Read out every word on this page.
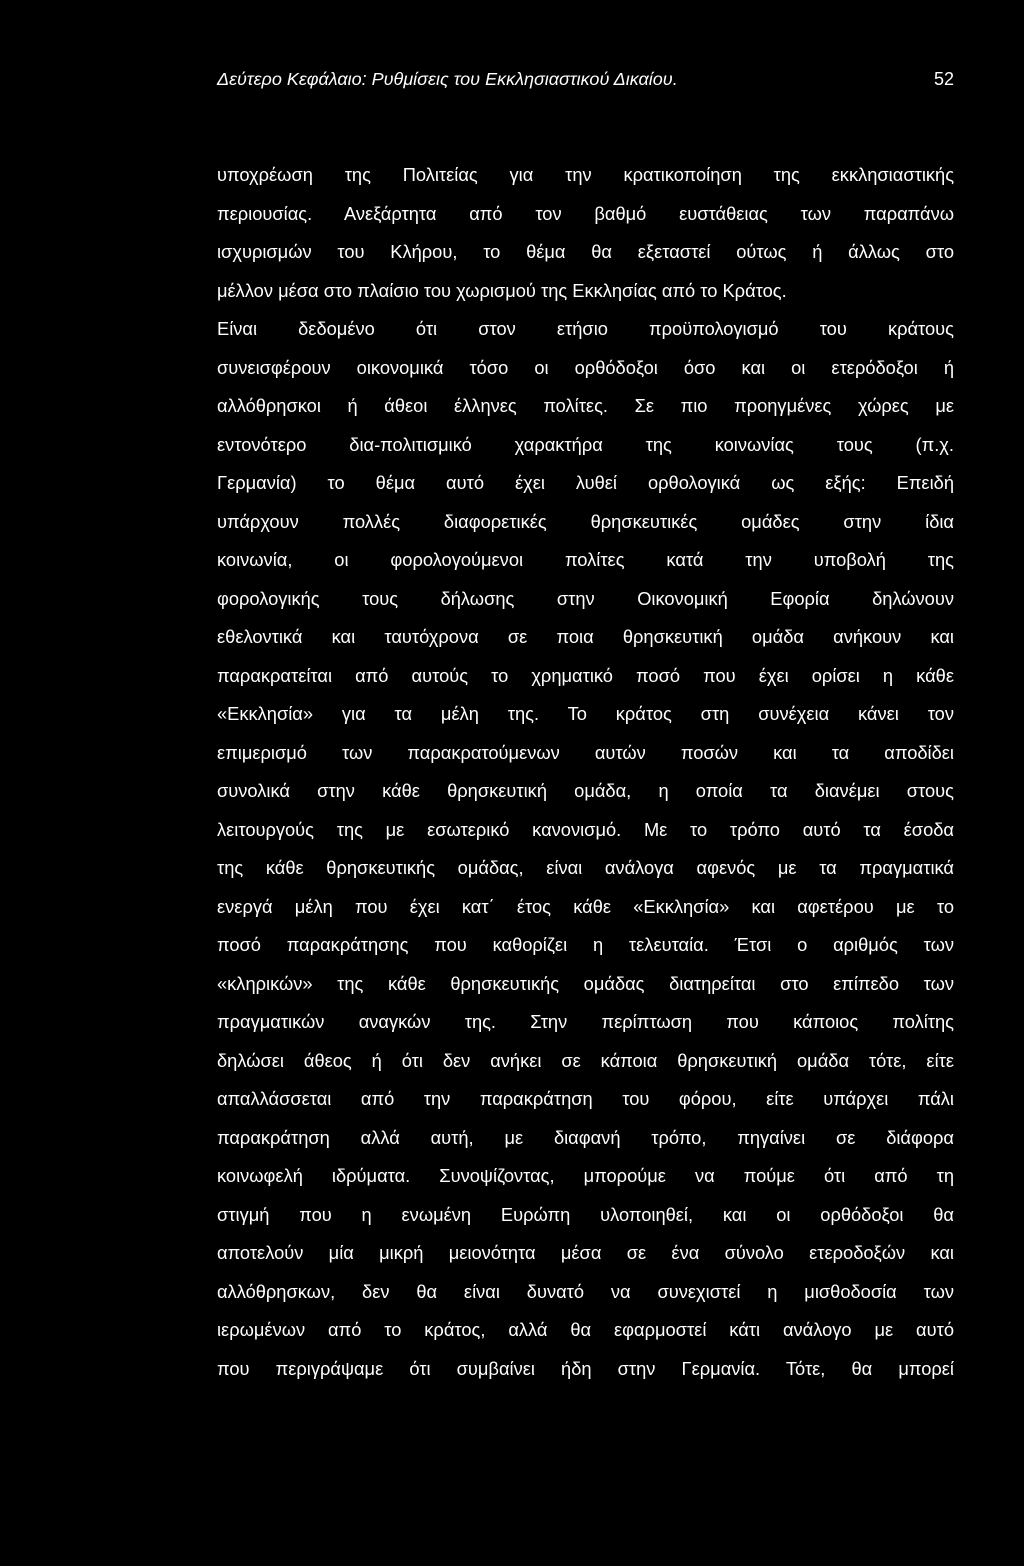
Δεύτερο Κεφάλαιο: Ρυθμίσεις του Εκκλησιαστικού Δικαίου.	52
υποχρέωση της Πολιτείας για την κρατικοποίηση της εκκλησιαστικής
περιουσίας. Ανεξάρτητα από τον βαθμό ευστάθειας των παραπάνω
ισχυρισμών του Κλήρου, το θέμα θα εξεταστεί ούτως ή άλλως στο
μέλλον μέσα στο πλαίσιο του χωρισμού της Εκκλησίας από το Κράτος.
Είναι δεδομένο ότι στον ετήσιο προϋπολογισμό του κράτους
συνεισφέρουν οικονομικά τόσο οι ορθόδοξοι όσο και οι ετερόδοξοι ή
αλλόθρησκοι ή άθεοι έλληνες πολίτες. Σε πιο προηγμένες χώρες με
εντονότερο δια-πολιτισμικό χαρακτήρα της κοινωνίας τους (π.χ.
Γερμανία) το θέμα αυτό έχει λυθεί ορθολογικά ως εξής: Επειδή
υπάρχουν πολλές διαφορετικές θρησκευτικές ομάδες στην ίδια
κοινωνία, οι φορολογούμενοι πολίτες κατά την υποβολή της
φορολογικής τους δήλωσης στην Οικονομική Εφορία δηλώνουν
εθελοντικά και ταυτόχρονα σε ποια θρησκευτική ομάδα ανήκουν και
παρακρατείται από αυτούς το χρηματικό ποσό που έχει ορίσει η κάθε
«Εκκλησία» για τα μέλη της. Το κράτος στη συνέχεια κάνει τον
επιμερισμό των παρακρατούμενων αυτών ποσών και τα αποδίδει
συνολικά στην κάθε θρησκευτική ομάδα, η οποία τα διανέμει στους
λειτουργούς της με εσωτερικό κανονισμό. Με το τρόπο αυτό τα έσοδα
της κάθε θρησκευτικής ομάδας, είναι ανάλογα αφενός με τα πραγματικά
ενεργά μέλη που έχει κατ΄ έτος κάθε «Εκκλησία» και αφετέρου με το
ποσό παρακράτησης που καθορίζει η τελευταία. Έτσι ο αριθμός των
«κληρικών» της κάθε θρησκευτικής ομάδας διατηρείται στο επίπεδο των
πραγματικών αναγκών της. Στην περίπτωση που κάποιος πολίτης
δηλώσει άθεος ή ότι δεν ανήκει σε κάποια θρησκευτική ομάδα τότε, είτε
απαλλάσσεται από την παρακράτηση του φόρου, είτε υπάρχει πάλι
παρακράτηση αλλά αυτή, με διαφανή τρόπο, πηγαίνει σε διάφορα
κοινωφελή ιδρύματα. Συνοψίζοντας, μπορούμε να πούμε ότι από τη
στιγμή που η ενωμένη Ευρώπη υλοποιηθεί, και οι ορθόδοξοι θα
αποτελούν μία μικρή μειονότητα μέσα σε ένα σύνολο ετεροδοξών και
αλλόθρησκων, δεν θα είναι δυνατό να συνεχιστεί η μισθοδοσία των
ιερωμένων από το κράτος, αλλά θα εφαρμοστεί κάτι ανάλογο με αυτό
που περιγράψαμε ότι συμβαίνει ήδη στην Γερμανία. Τότε, θα μπορεί
